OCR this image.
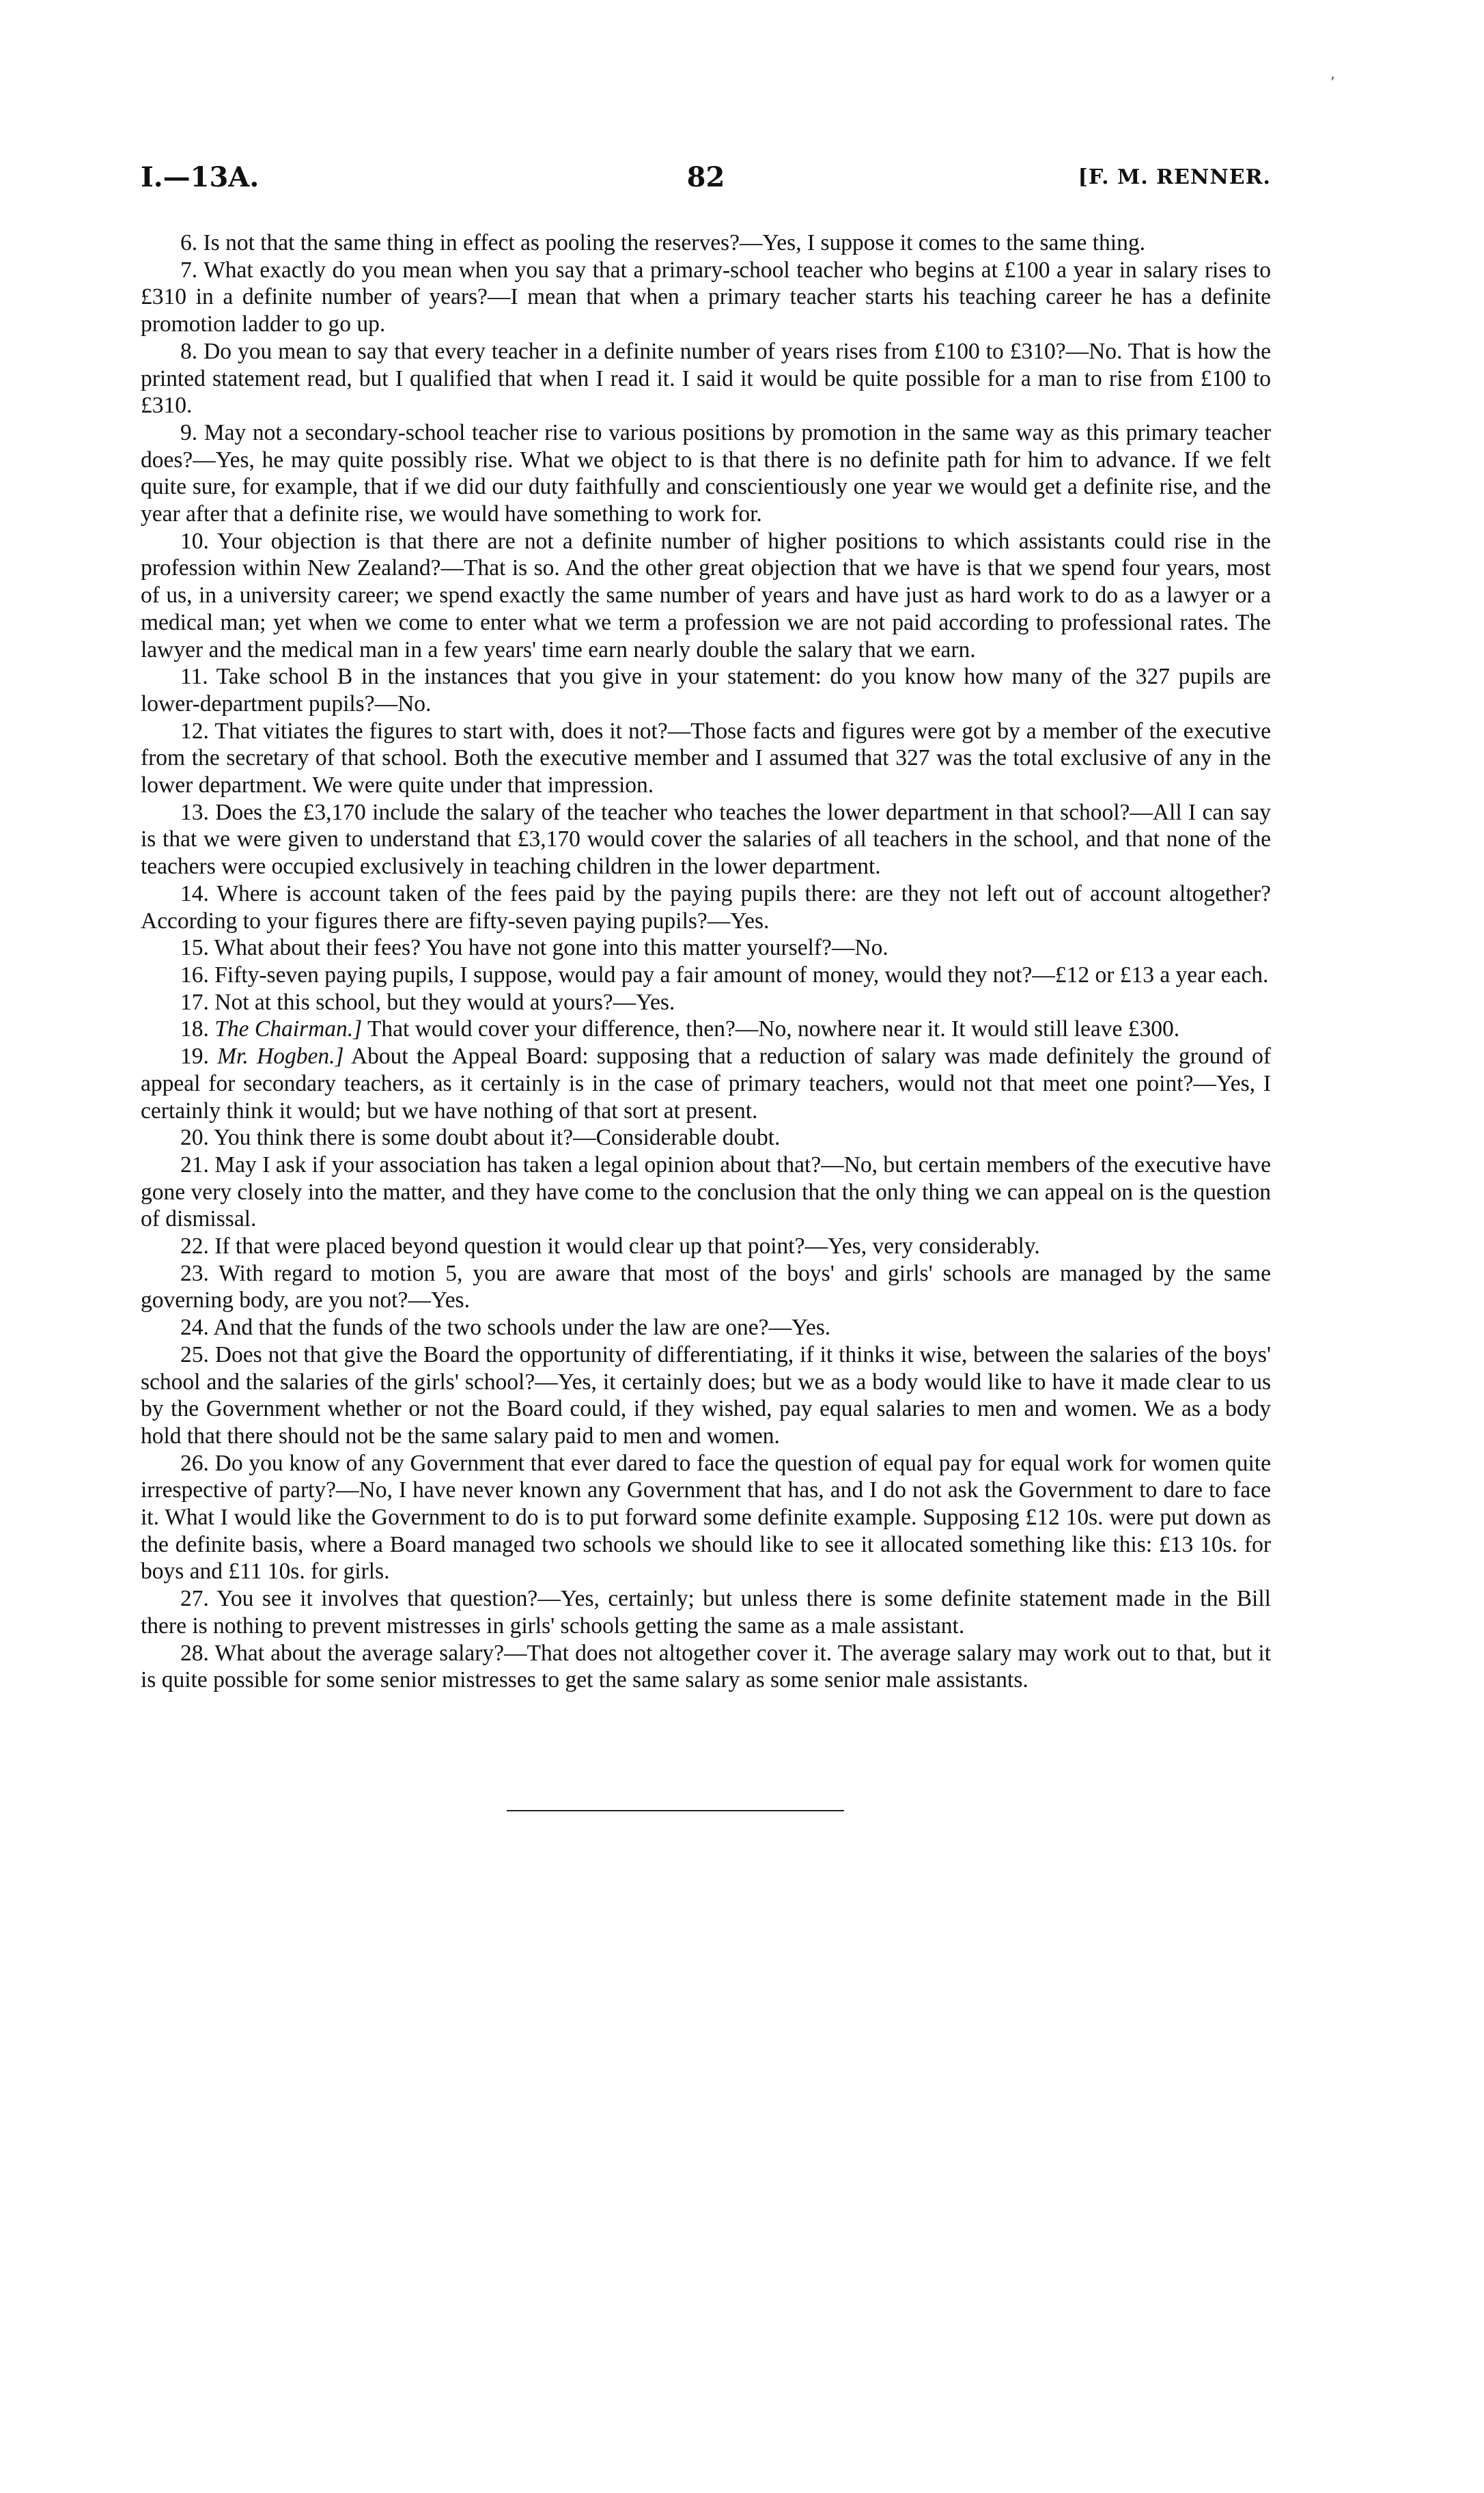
I.—13A.	82	[F. M. RENNER.

6. Is not that the same thing in effect as pooling the reserves?—Yes, I suppose it comes to the same thing.

7. What exactly do you mean when you say that a primary-school teacher who begins at £100 a year in salary rises to £310 in a definite number of years?—I mean that when a primary teacher starts his teaching career he has a definite promotion ladder to go up.

8. Do you mean to say that every teacher in a definite number of years rises from £100 to £310?—No. That is how the printed statement read, but I qualified that when I read it. I said it would be quite possible for a man to rise from £100 to £310.

9. May not a secondary-school teacher rise to various positions by promotion in the same way as this primary teacher does?—Yes, he may quite possibly rise. What we object to is that there is no definite path for him to advance. If we felt quite sure, for example, that if we did our duty faithfully and conscientiously one year we would get a definite rise, and the year after that a definite rise, we would have something to work for.

10. Your objection is that there are not a definite number of higher positions to which assistants could rise in the profession within New Zealand?—That is so. And the other great objection that we have is that we spend four years, most of us, in a university career; we spend exactly the same number of years and have just as hard work to do as a lawyer or a medical man; yet when we come to enter what we term a profession we are not paid according to professional rates. The lawyer and the medical man in a few years' time earn nearly double the salary that we earn.

11. Take school B in the instances that you give in your statement: do you know how many of the 327 pupils are lower-department pupils?—No.

12. That vitiates the figures to start with, does it not?—Those facts and figures were got by a member of the executive from the secretary of that school. Both the executive member and I assumed that 327 was the total exclusive of any in the lower department. We were quite under that impression.

13. Does the £3,170 include the salary of the teacher who teaches the lower department in that school?—All I can say is that we were given to understand that £3,170 would cover the salaries of all teachers in the school, and that none of the teachers were occupied exclusively in teaching children in the lower department.

14. Where is account taken of the fees paid by the paying pupils there: are they not left out of account altogether? According to your figures there are fifty-seven paying pupils?—Yes.

15. What about their fees? You have not gone into this matter yourself?—No.

16. Fifty-seven paying pupils, I suppose, would pay a fair amount of money, would they not?—£12 or £13 a year each.

17. Not at this school, but they would at yours?—Yes.

18. The Chairman.] That would cover your difference, then?—No, nowhere near it. It would still leave £300.

19. Mr. Hogben.] About the Appeal Board: supposing that a reduction of salary was made definitely the ground of appeal for secondary teachers, as it certainly is in the case of primary teachers, would not that meet one point?—Yes, I certainly think it would; but we have nothing of that sort at present.

20. You think there is some doubt about it?—Considerable doubt.

21. May I ask if your association has taken a legal opinion about that?—No, but certain members of the executive have gone very closely into the matter, and they have come to the conclusion that the only thing we can appeal on is the question of dismissal.

22. If that were placed beyond question it would clear up that point?—Yes, very considerably.

23. With regard to motion 5, you are aware that most of the boys' and girls' schools are managed by the same governing body, are you not?—Yes.

24. And that the funds of the two schools under the law are one?—Yes.

25. Does not that give the Board the opportunity of differentiating, if it thinks it wise, between the salaries of the boys' school and the salaries of the girls' school?—Yes, it certainly does; but we as a body would like to have it made clear to us by the Government whether or not the Board could, if they wished, pay equal salaries to men and women. We as a body hold that there should not be the same salary paid to men and women.

26. Do you know of any Government that ever dared to face the question of equal pay for equal work for women quite irrespective of party?—No, I have never known any Government that has, and I do not ask the Government to dare to face it. What I would like the Government to do is to put forward some definite example. Supposing £12 10s. were put down as the definite basis, where a Board managed two schools we should like to see it allocated something like this: £13 10s. for boys and £11 10s. for girls.

27. You see it involves that question?—Yes, certainly; but unless there is some definite statement made in the Bill there is nothing to prevent mistresses in girls' schools getting the same as a male assistant.

28. What about the average salary?—That does not altogether cover it. The average salary may work out to that, but it is quite possible for some senior mistresses to get the same salary as some senior male assistants.

,
